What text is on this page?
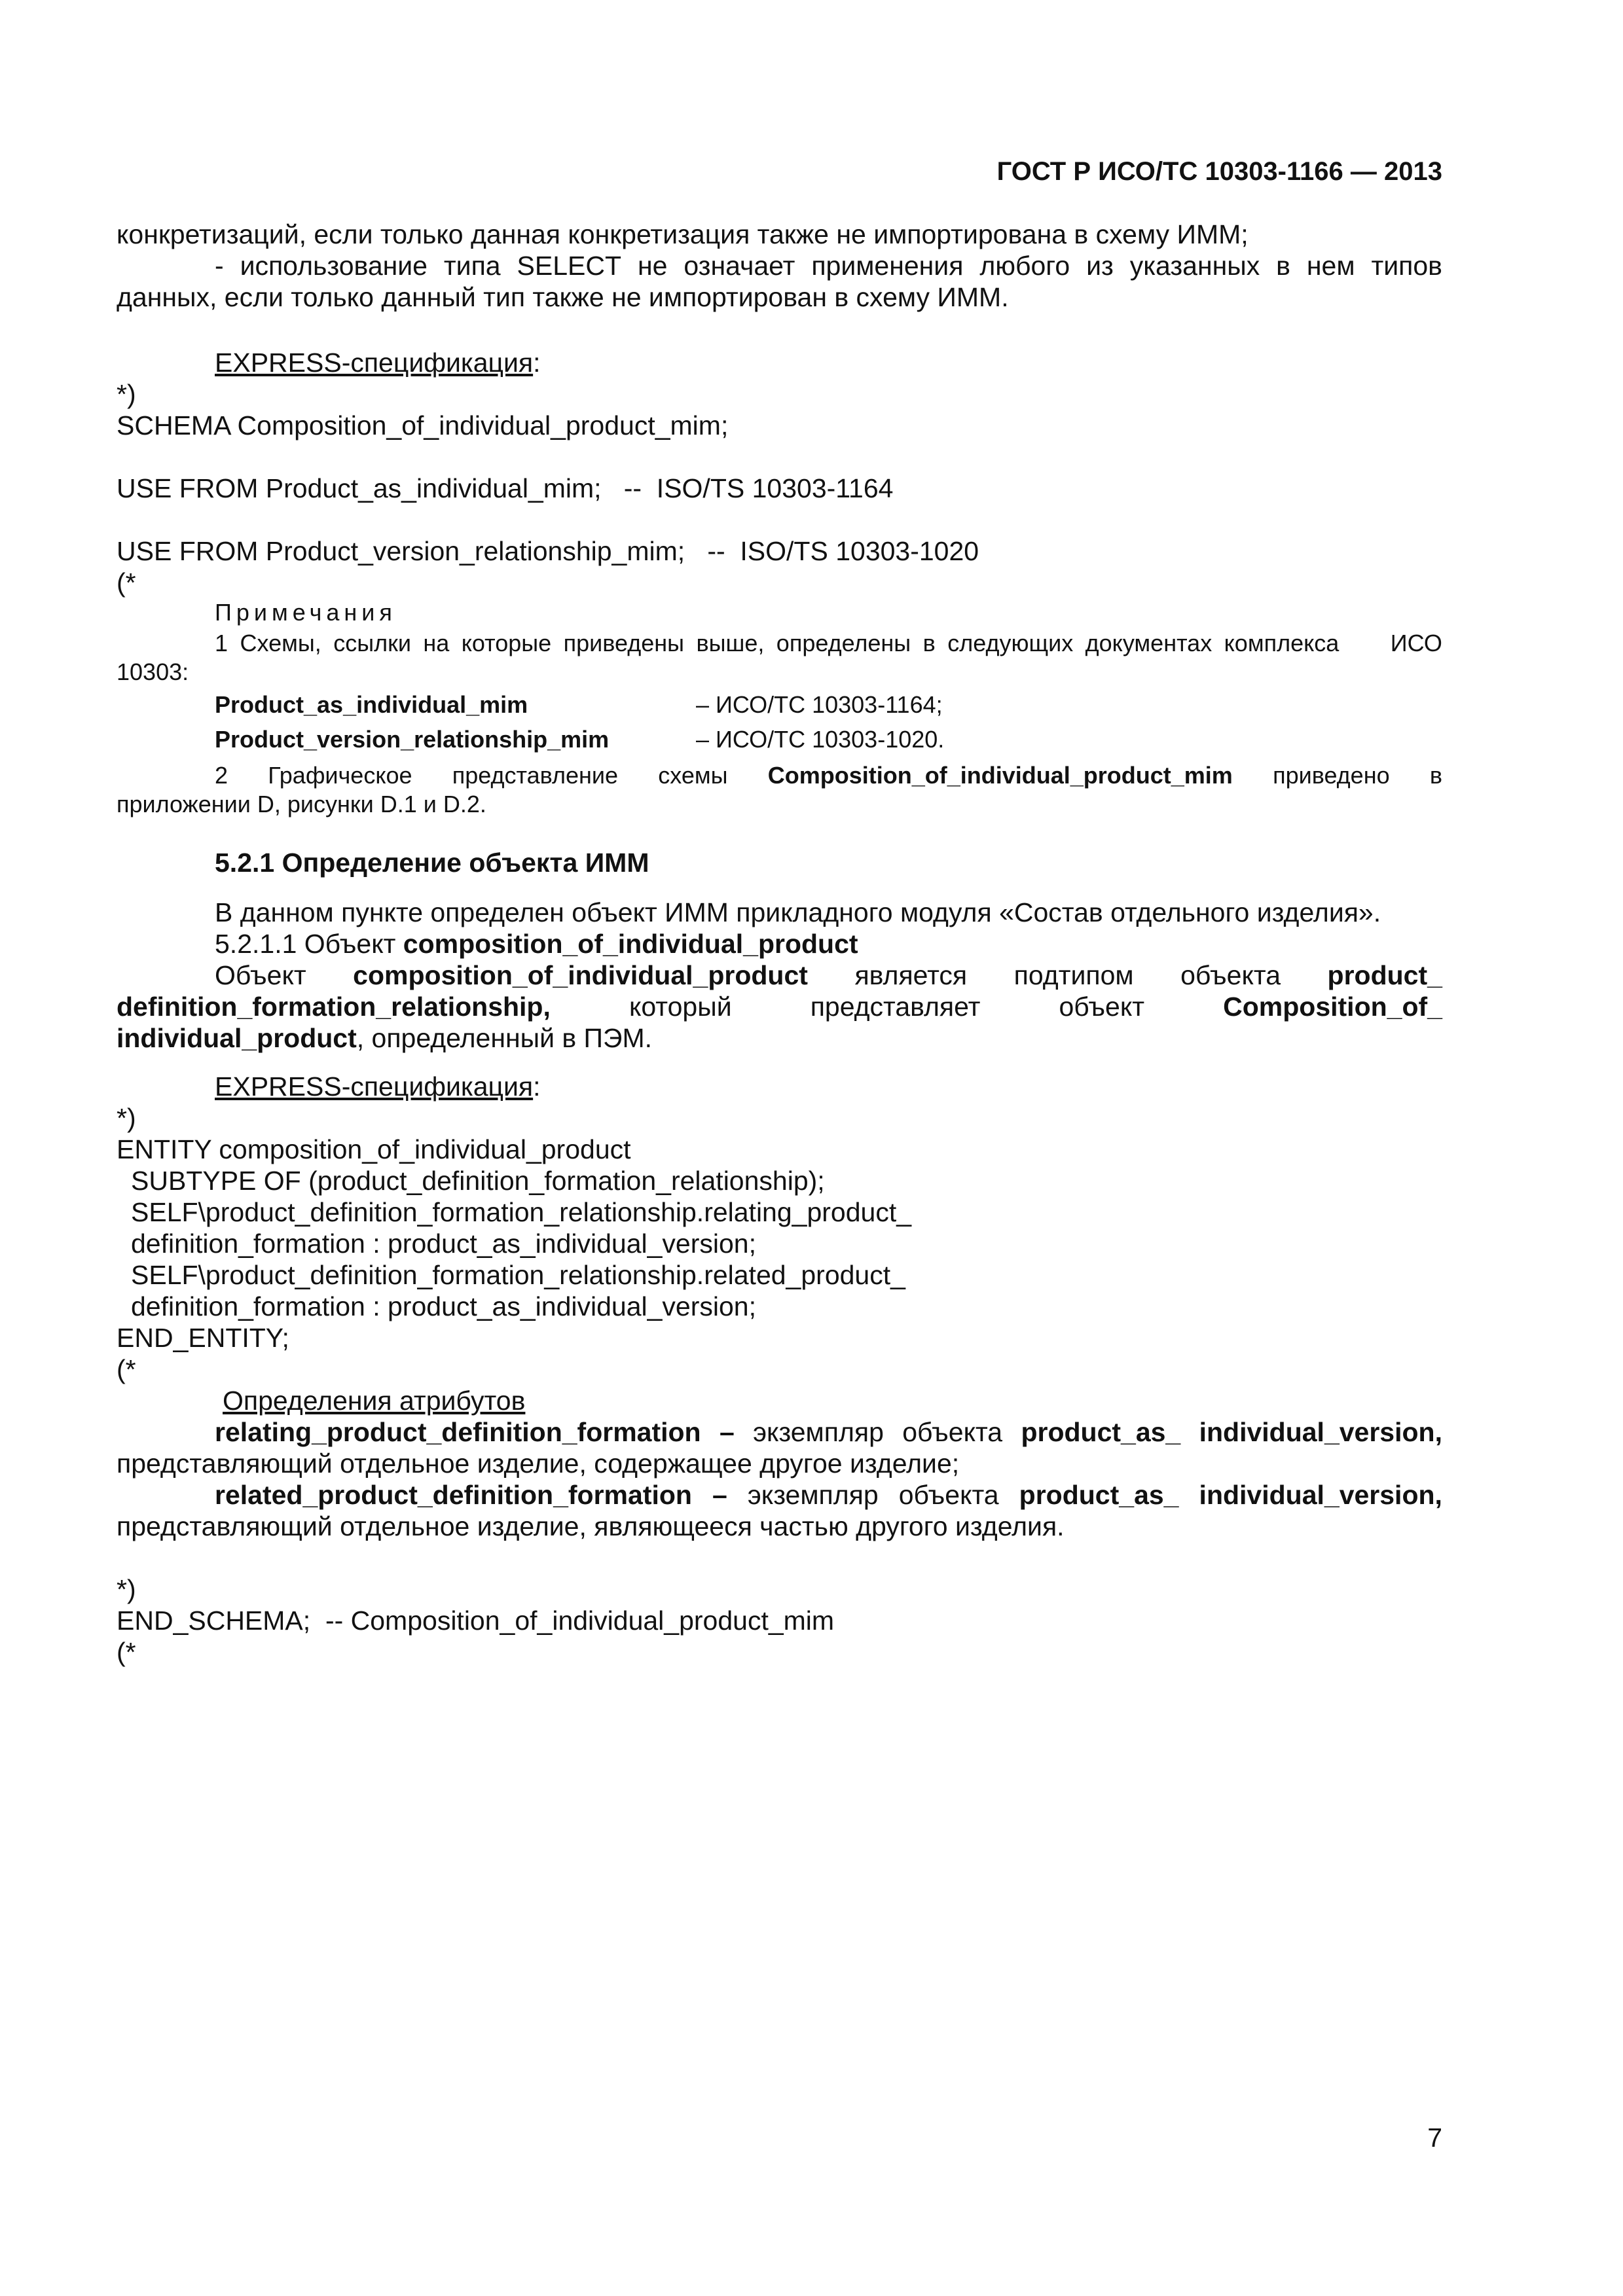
ГОСТ Р ИСО/ТС 10303-1166 — 2013
конкретизаций, если только данная конкретизация также не импортирована в схему ИММ;
- использование типа SELECT не означает применения любого из указанных в нем типов
данных, если только данный тип также не импортирован в схему ИММ.
EXPRESS-спецификация:
*)
SCHEMA Composition_of_individual_product_mim;
USE FROM Product_as_individual_mim;   --  ISO/TS 10303-1164
USE FROM Product_version_relationship_mim;   --  ISO/TS 10303-1020
(*
Примечания
1 Схемы, ссылки на которые приведены выше, определены в следующих документах комплекса ИСО
10303:
Product_as_individual_mim	– ИСО/ТС 10303-1164;
Product_version_relationship_mim	– ИСО/ТС 10303-1020.
2 Графическое представление схемы Composition_of_individual_product_mim приведено в
приложении D, рисунки D.1 и D.2.
5.2.1 Определение объекта ИММ
В данном пункте определен объект ИММ прикладного модуля «Состав отдельного изделия».
5.2.1.1 Объект composition_of_individual_product
Объект composition_of_individual_product является подтипом объекта product_
definition_formation_relationship,	который	представляет	объект	Composition_of_
individual_product, определенный в ПЭМ.
EXPRESS-спецификация:
*)
ENTITY composition_of_individual_product
SUBTYPE OF (product_definition_formation_relationship);
SELF\product_definition_formation_relationship.relating_product_
definition_formation : product_as_individual_version;
SELF\product_definition_formation_relationship.related_product_
definition_formation : product_as_individual_version;
END_ENTITY;
(*
Определения атрибутов
relating_product_definition_formation – экземпляр объекта product_as_ individual_version,
представляющий отдельное изделие, содержащее другое изделие;
related_product_definition_formation – экземпляр объекта product_as_ individual_version,
представляющий отдельное изделие, являющееся частью другого изделия.
*)
END_SCHEMA;  -- Composition_of_individual_product_mim
(*
7
